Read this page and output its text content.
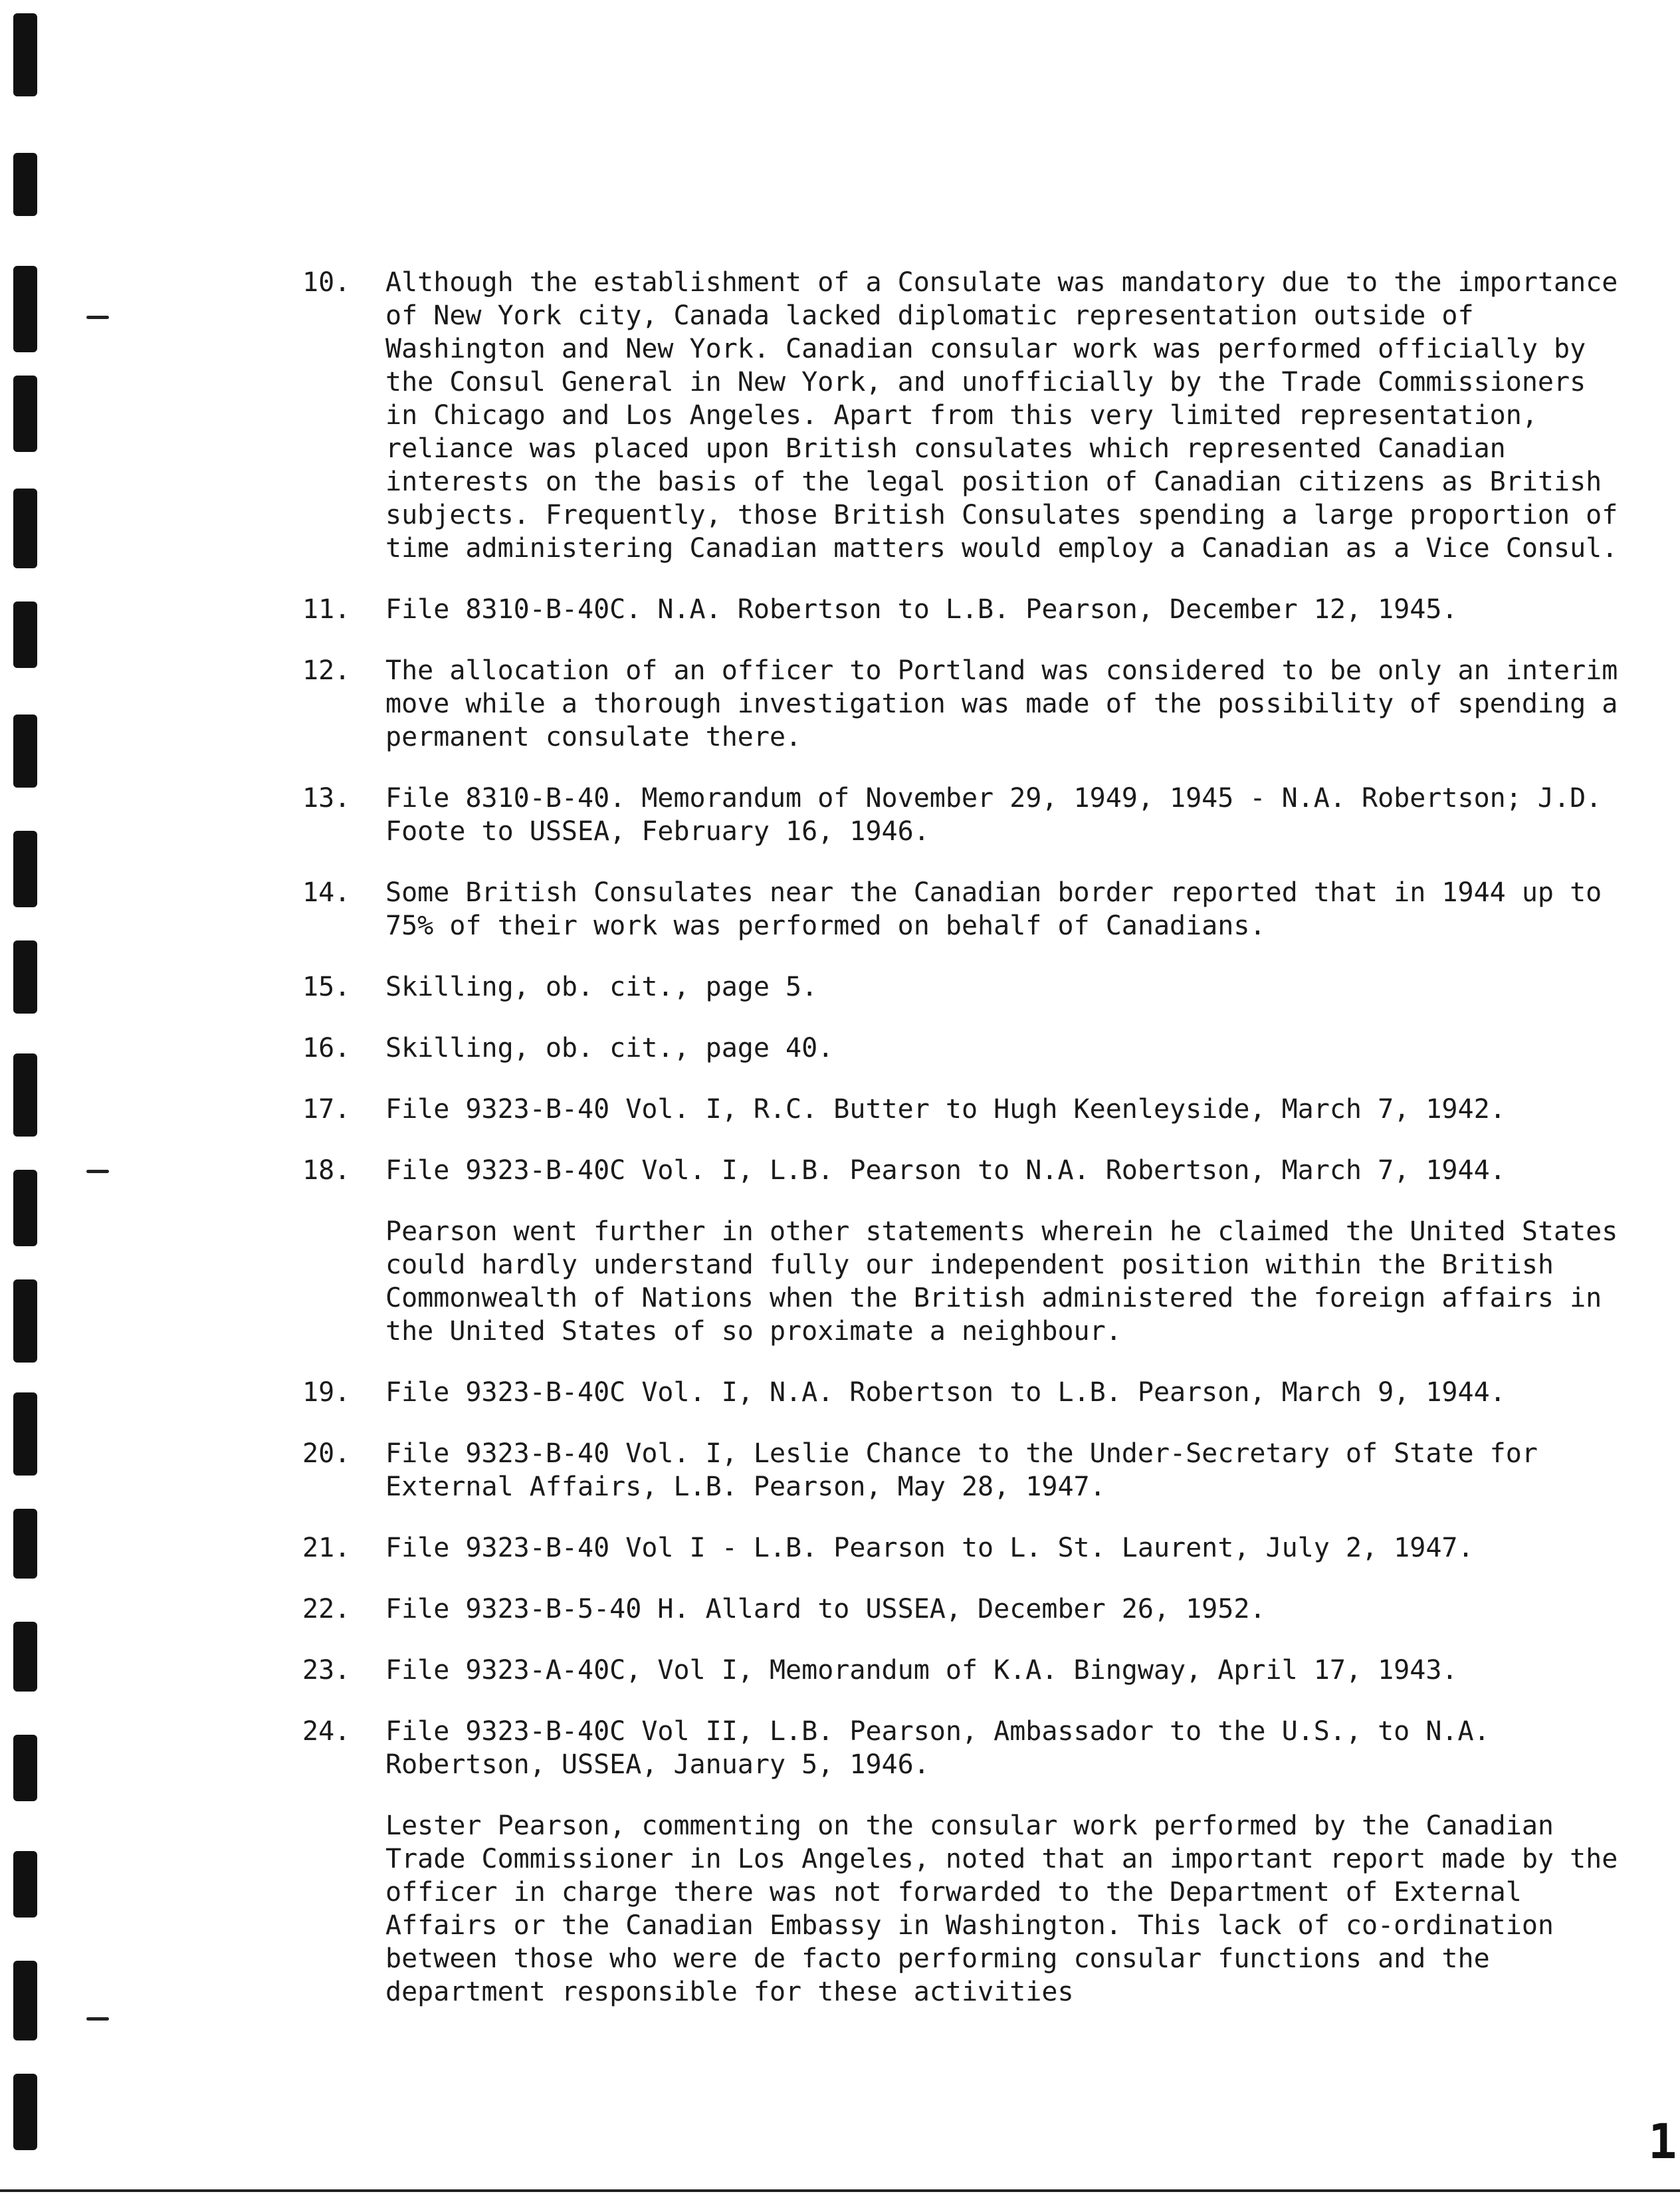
10.	Although the establishment of a Consulate was mandatory due to the importance of New York city, Canada lacked diplomatic representation outside of Washington and New York. Canadian consular work was performed officially by the Consul General in New York, and unofficially by the Trade Commissioners in Chicago and Los Angeles. Apart from this very limited representation, reliance was placed upon British consulates which represented Canadian interests on the basis of the legal position of Canadian citizens as British subjects. Frequently, those British Consulates spending a large proportion of time administering Canadian matters would employ a Canadian as a Vice Consul.
11.	File 8310-B-40C. N.A. Robertson to L.B. Pearson, December 12, 1945.
12.	The allocation of an officer to Portland was considered to be only an interim move while a thorough investigation was made of the possibility of spending a permanent consulate there.
13.	File 8310-B-40. Memorandum of November 29, 1949, 1945 - N.A. Robertson; J.D. Foote to USSEA, February 16, 1946.
14.	Some British Consulates near the Canadian border reported that in 1944 up to 75% of their work was performed on behalf of Canadians.
15.	Skilling, ob. cit., page 5.
16.	Skilling, ob. cit., page 40.
17.	File 9323-B-40 Vol. I, R.C. Butter to Hugh Keenleyside, March 7, 1942.
18.	File 9323-B-40C Vol. I, L.B. Pearson to N.A. Robertson, March 7, 1944.
Pearson went further in other statements wherein he claimed the United States could hardly understand fully our independent position within the British Commonwealth of Nations when the British administered the foreign affairs in the United States of so proximate a neighbour.
19.	File 9323-B-40C Vol. I, N.A. Robertson to L.B. Pearson, March 9, 1944.
20.	File 9323-B-40 Vol. I, Leslie Chance to the Under-Secretary of State for External Affairs, L.B. Pearson, May 28, 1947.
21.	File 9323-B-40 Vol I - L.B. Pearson to L. St. Laurent, July 2, 1947.
22.	File 9323-B-5-40 H. Allard to USSEA, December 26, 1952.
23.	File 9323-A-40C, Vol I, Memorandum of K.A. Bingway, April 17, 1943.
24.	File 9323-B-40C Vol II, L.B. Pearson, Ambassador to the U.S., to N.A. Robertson, USSEA, January 5, 1946.
Lester Pearson, commenting on the consular work performed by the Canadian Trade Commissioner in Los Angeles, noted that an important report made by the officer in charge there was not forwarded to the Department of External Affairs or the Canadian Embassy in Washington. This lack of co-ordination between those who were de facto performing consular functions and the department responsible for these activities
1
